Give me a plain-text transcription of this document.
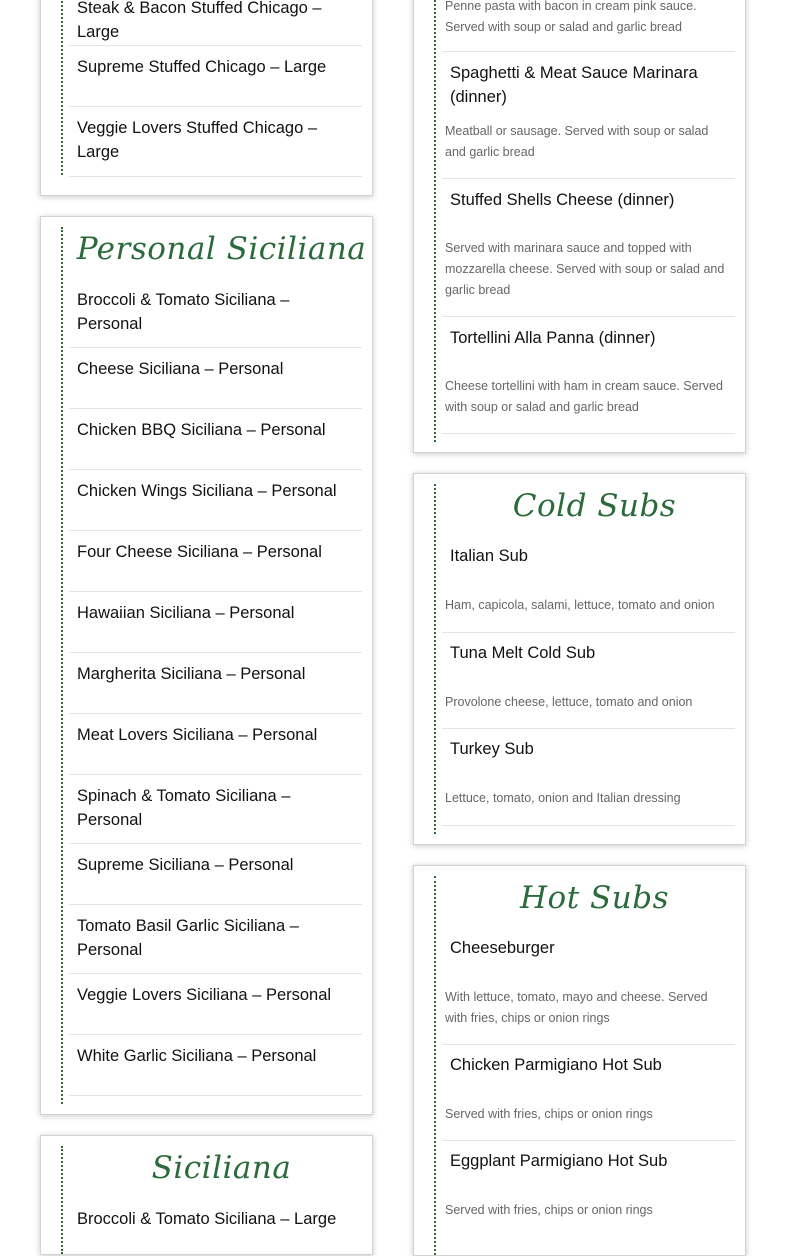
Steak & Bacon Stuffed Chicago – Large
Supreme Stuffed Chicago – Large
Veggie Lovers Stuffed Chicago – Large
Personal Siciliana
Broccoli & Tomato Siciliana – Personal
Cheese Siciliana – Personal
Chicken BBQ Siciliana – Personal
Chicken Wings Siciliana – Personal
Four Cheese Siciliana – Personal
Hawaiian Siciliana – Personal
Margherita Siciliana – Personal
Meat Lovers Siciliana – Personal
Spinach & Tomato Siciliana – Personal
Supreme Siciliana – Personal
Tomato Basil Garlic Siciliana – Personal
Veggie Lovers Siciliana – Personal
White Garlic Siciliana – Personal
Siciliana
Broccoli & Tomato Siciliana – Large
Penne pasta with bacon in cream pink sauce. Served with soup or salad and garlic bread
Spaghetti & Meat Sauce Marinara (dinner)
Meatball or sausage. Served with soup or salad and garlic bread
Stuffed Shells Cheese (dinner)
Served with marinara sauce and topped with mozzarella cheese. Served with soup or salad and garlic bread
Tortellini Alla Panna (dinner)
Cheese tortellini with ham in cream sauce. Served with soup or salad and garlic bread
Cold Subs
Italian Sub
Ham, capicola, salami, lettuce, tomato and onion
Tuna Melt Cold Sub
Provolone cheese, lettuce, tomato and onion
Turkey Sub
Lettuce, tomato, onion and Italian dressing
Hot Subs
Cheeseburger
With lettuce, tomato, mayo and cheese. Served with fries, chips or onion rings
Chicken Parmigiano Hot Sub
Served with fries, chips or onion rings
Eggplant Parmigiano Hot Sub
Served with fries, chips or onion rings
